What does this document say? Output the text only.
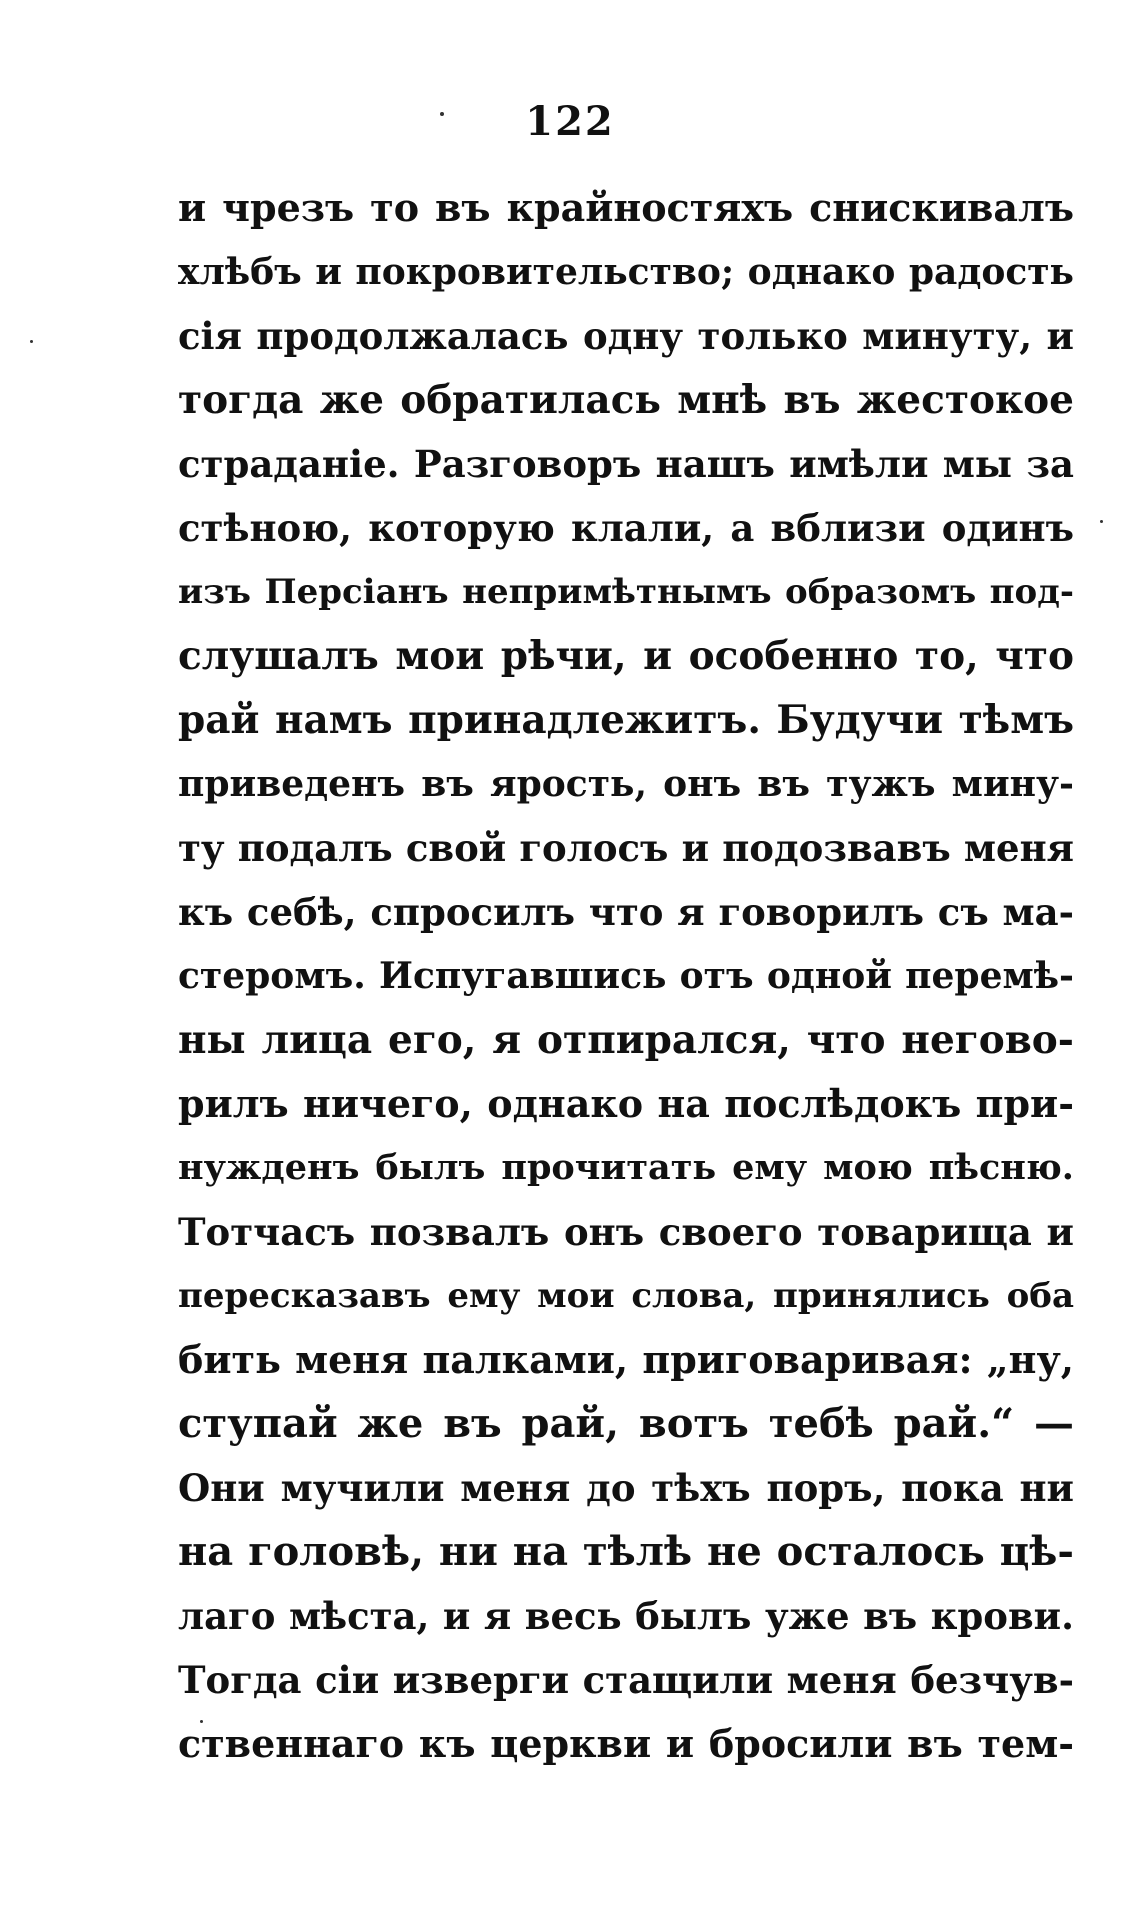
122
и чрезъ то въ крайностяхъ снискивалъ
хлѣбъ и покровительство; однако радость
сія продолжалась одну только минуту, и
тогда же обратилась мнѣ въ жестокое
страданіе. Разговоръ нашъ имѣли мы за
стѣною, которую клали, а вблизи одинъ
изъ Персіанъ непримѣтнымъ образомъ под-
слушалъ мои рѣчи, и особенно то, что
рай намъ принадлежитъ. Будучи тѣмъ
приведенъ въ ярость, онъ въ тужъ мину-
ту подалъ свой голосъ и подозвавъ меня
къ себѣ, спросилъ что я говорилъ съ ма-
стеромъ. Испугавшись отъ одной перемѣ-
ны лица его, я отпирался, что неговo-
рилъ ничего, однако на послѣдокъ при-
нужденъ былъ прочитать ему мою пѣсню.
Тотчасъ позвалъ онъ своего товарища и
пересказавъ ему мои слова, принялись оба
бить меня палками, приговаривая: „ну,
ступай же въ рай, вотъ тебѣ рай.“ —
Они мучили меня до тѣхъ поръ, пока ни
на головѣ, ни на тѣлѣ не осталось цѣ-
лаго мѣста, и я весь былъ уже въ крови.
Тогда сіи изверги стащили меня безчув-
ственнаго къ церкви и бросили въ тем-
